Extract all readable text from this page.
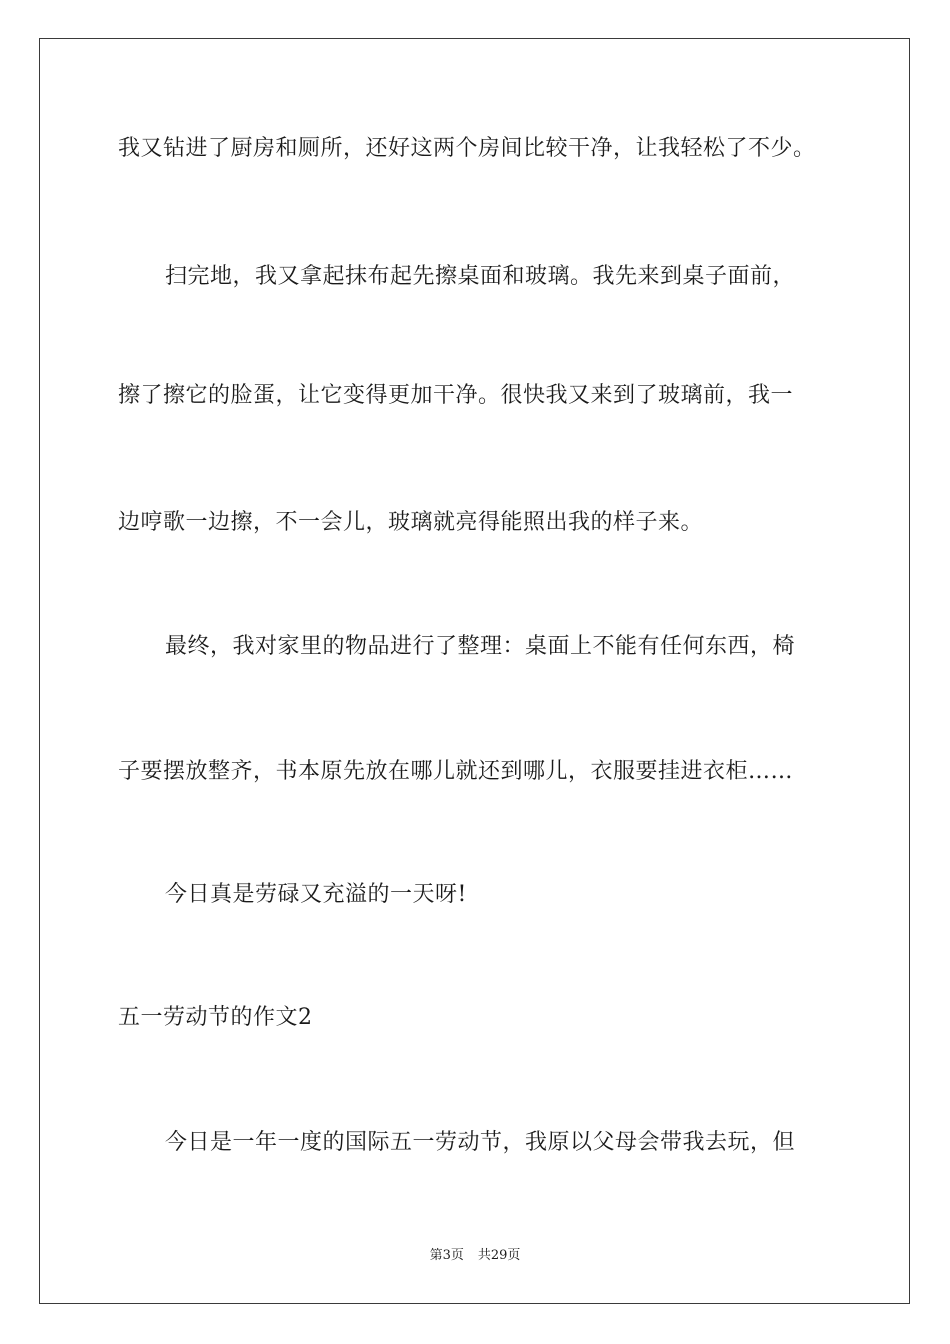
我又钻进了厨房和厕所，还好这两个房间比较干净，让我轻松了不少。
扫完地，我又拿起抹布起先擦桌面和玻璃。我先来到桌子面前，
擦了擦它的脸蛋，让它变得更加干净。很快我又来到了玻璃前，我一
边哼歌一边擦，不一会儿，玻璃就亮得能照出我的样子来。
最终，我对家里的物品进行了整理：桌面上不能有任何东西，椅
子要摆放整齐，书本原先放在哪儿就还到哪儿，衣服要挂进衣柜……
今日真是劳碌又充溢的一天呀!
五一劳动节的作文2
今日是一年一度的国际五一劳动节，我原以父母会带我去玩，但
第3页 共29页
